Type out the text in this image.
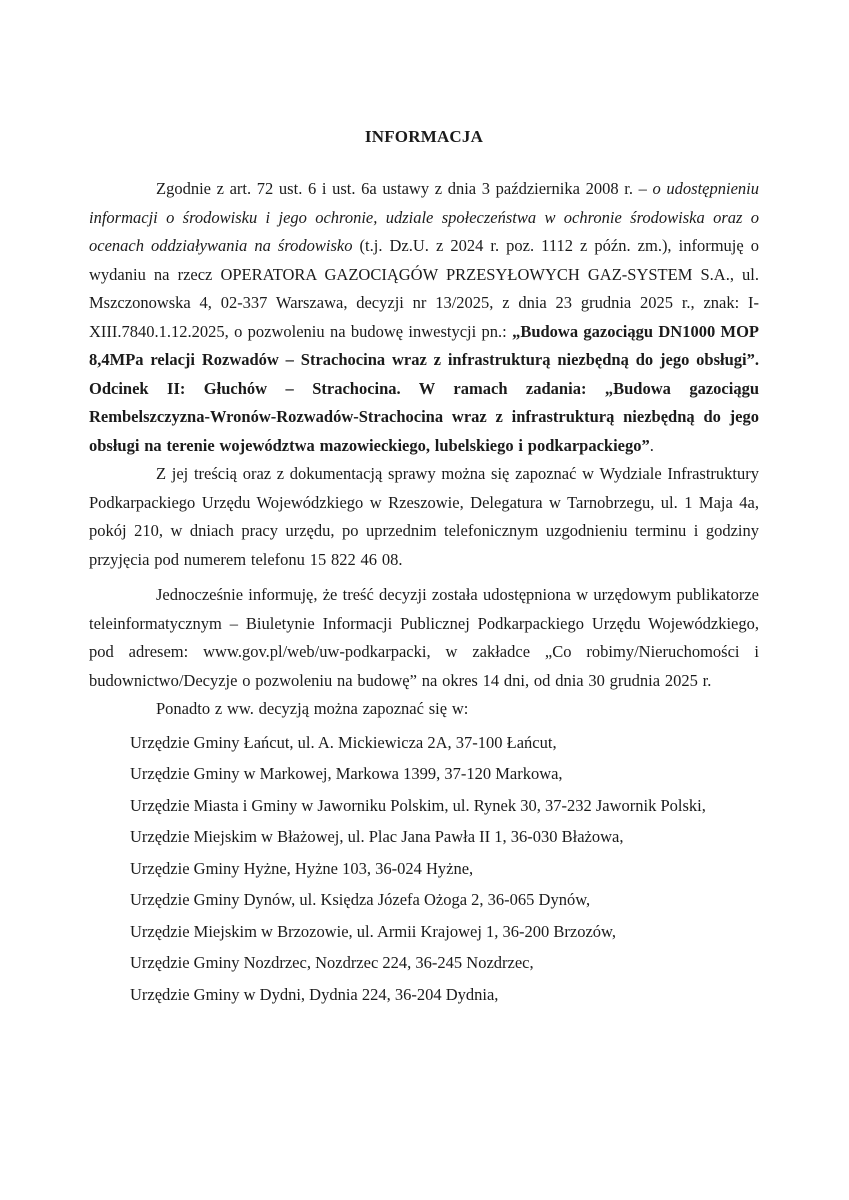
INFORMACJA

Zgodnie z art. 72 ust. 6 i ust. 6a ustawy z dnia 3 października 2008 r. – o udostępnieniu informacji o środowisku i jego ochronie, udziale społeczeństwa w ochronie środowiska oraz o ocenach oddziaływania na środowisko (t.j. Dz.U. z 2024 r. poz. 1112 z późn. zm.), informuję o wydaniu na rzecz OPERATORA GAZOCIĄGÓW PRZESYŁOWYCH GAZ-SYSTEM S.A., ul. Mszczonowska 4, 02-337 Warszawa, decyzji nr 13/2025, z dnia 23 grudnia 2025 r., znak: I-XIII.7840.1.12.2025, o pozwoleniu na budowę inwestycji pn.: „Budowa gazociągu DN1000 MOP 8,4MPa relacji Rozwadów – Strachocina wraz z infrastrukturą niezbędną do jego obsługi”. Odcinek II: Głuchów – Strachocina. W ramach zadania: „Budowa gazociągu Rembelszczyzna-Wronów-Rozwadów-Strachocina wraz z infrastrukturą niezbędną do jego obsługi na terenie województwa mazowieckiego, lubelskiego i podkarpackiego”.

Z jej treścią oraz z dokumentacją sprawy można się zapoznać w Wydziale Infrastruktury Podkarpackiego Urzędu Wojewódzkiego w Rzeszowie, Delegatura w Tarnobrzegu, ul. 1 Maja 4a, pokój 210, w dniach pracy urzędu, po uprzednim telefonicznym uzgodnieniu terminu i godziny przyjęcia pod numerem telefonu 15 822 46 08.

Jednocześnie informuję, że treść decyzji została udostępniona w urzędowym publikatorze teleinformatycznym – Biuletynie Informacji Publicznej Podkarpackiego Urzędu Wojewódzkiego, pod adresem: www.gov.pl/web/uw-podkarpacki, w zakładce „Co robimy/Nieruchomości i budownictwo/Decyzje o pozwoleniu na budowę” na okres 14 dni, od dnia 30 grudnia 2025 r.

Ponadto z ww. decyzją można zapoznać się w:

Urzędzie Gminy Łańcut, ul. A. Mickiewicza 2A, 37-100 Łańcut,
Urzędzie Gminy w Markowej, Markowa 1399, 37-120 Markowa,
Urzędzie Miasta i Gminy w Jaworniku Polskim, ul. Rynek 30, 37-232 Jawornik Polski,
Urzędzie Miejskim w Błażowej, ul. Plac Jana Pawła II 1, 36-030 Błażowa,
Urzędzie Gminy Hyżne, Hyżne 103, 36-024 Hyżne,
Urzędzie Gminy Dynów, ul. Księdza Józefa Ożoga 2, 36-065 Dynów,
Urzędzie Miejskim w Brzozowie, ul. Armii Krajowej 1, 36-200 Brzozów,
Urzędzie Gminy Nozdrzec, Nozdrzec 224, 36-245 Nozdrzec,
Urzędzie Gminy w Dydni, Dydnia 224, 36-204 Dydnia,
